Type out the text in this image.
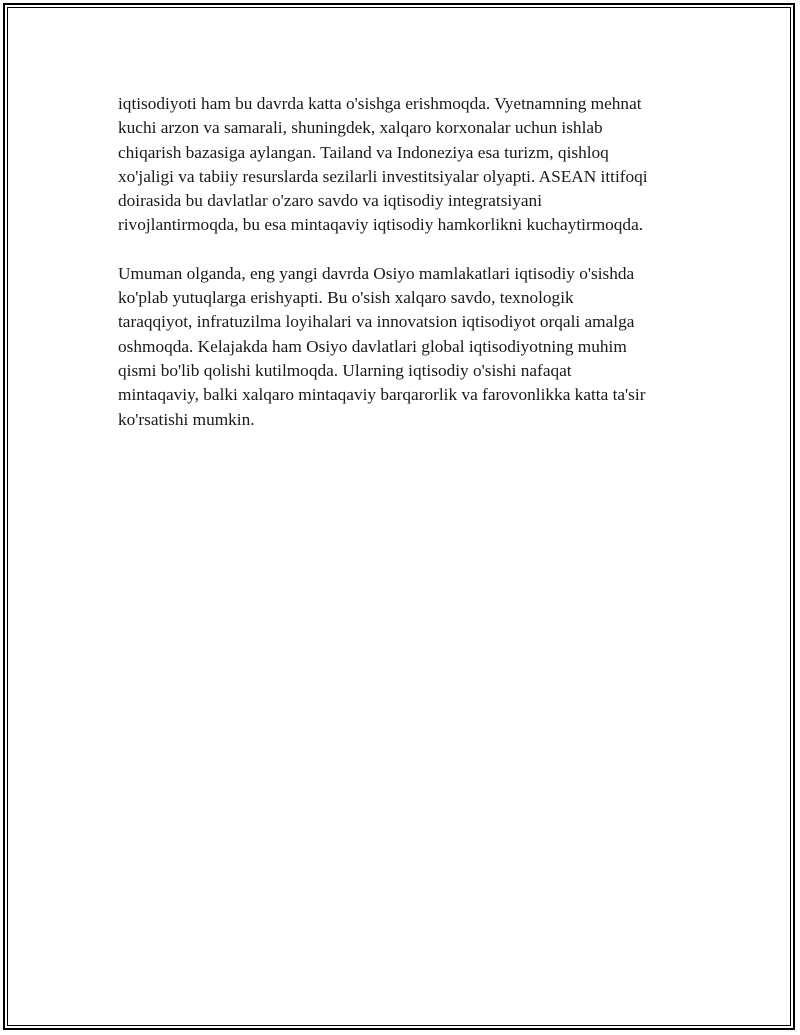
iqtisodiyoti ham bu davrda katta o'sishga erishmoqda. Vyetnamning mehnat
kuchi arzon va samarali, shuningdek, xalqaro korxonalar uchun ishlab
chiqarish bazasiga aylangan. Tailand va Indoneziya esa turizm, qishloq
xo'jaligi va tabiiy resurslarda sezilarli investitsiyalar olyapti. ASEAN ittifoqi
doirasida bu davlatlar o'zaro savdo va iqtisodiy integratsiyani
rivojlantirmoqda, bu esa mintaqaviy iqtisodiy hamkorlikni kuchaytirmoqda.

Umuman olganda, eng yangi davrda Osiyo mamlakatlari iqtisodiy o'sishda
ko'plab yutuqlarga erishyapti. Bu o'sish xalqaro savdo, texnologik
taraqqiyot, infratuzilma loyihalari va innovatsion iqtisodiyot orqali amalga
oshmoqda. Kelajakda ham Osiyo davlatlari global iqtisodiyotning muhim
qismi bo'lib qolishi kutilmoqda. Ularning iqtisodiy o'sishi nafaqat
mintaqaviy, balki xalqaro mintaqaviy barqarorlik va farovonlikka katta ta'sir
ko'rsatishi mumkin.
